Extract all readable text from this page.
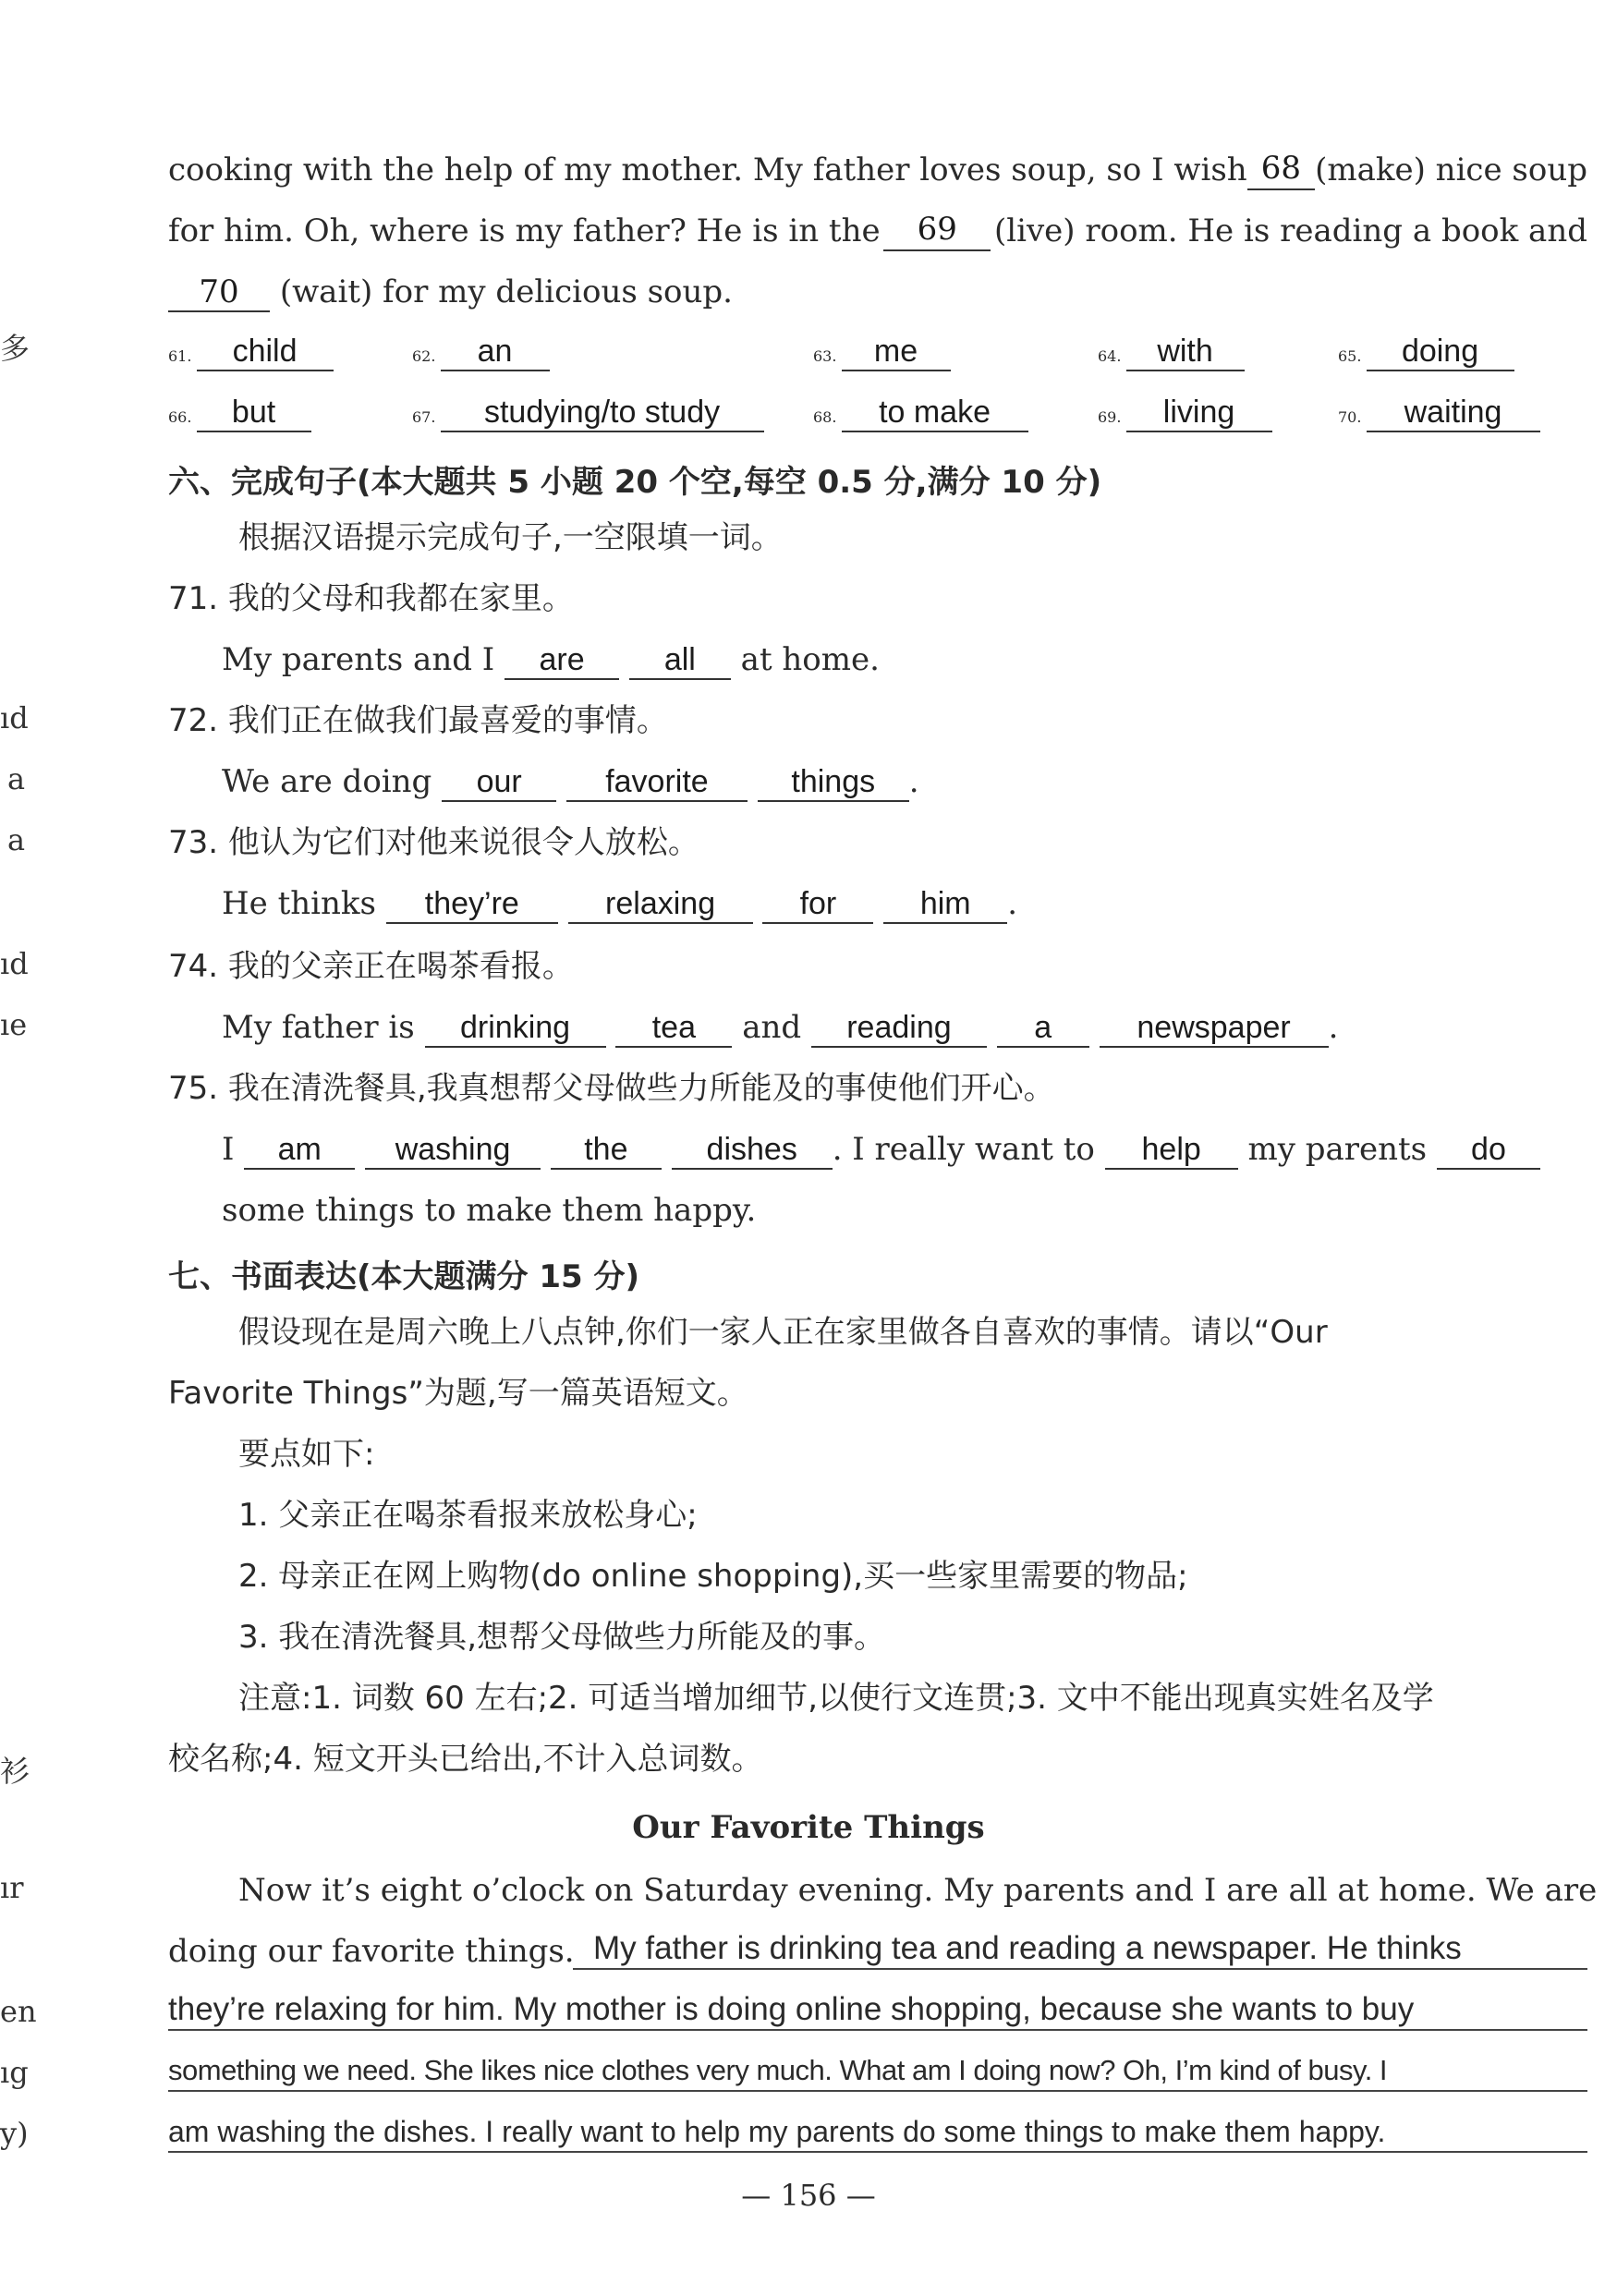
多
ıd
a
a
ıd
ıe
衫
ır
en
ıg
y)
cooking with the help of my mother. My father loves soup, so I wish 68 (make) nice soup
for him. Oh, where is my father? He is in the	69	(live) room. He is reading a book and
70 (wait) for my delicious soup.
61. child	62. an	63. me	64. with	65. doing
66. but	67. studying/to study	68. to make	69. living	70. waiting
六、完成句子(本大题共 5 小题 20 个空,每空 0.5 分,满分 10 分)
根据汉语提示完成句子,一空限填一词。
71. 我的父母和我都在家里。
My parents and I are	all at home.
72. 我们正在做我们最喜爱的事情。
We are doing our	favorite	things .
73. 他认为它们对他来说很令人放松。
He thinks they’re	relaxing	for	him .
74. 我的父亲正在喝茶看报。
My father is drinking	tea and reading	a	newspaper .
75. 我在清洗餐具,我真想帮父母做些力所能及的事使他们开心。
I am washing the	dishes . I really want to help my parents do
some things to make them happy.
七、书面表达(本大题满分 15 分)
假设现在是周六晚上八点钟,你们一家人正在家里做各自喜欢的事情。请以“Our
Favorite Things”为题,写一篇英语短文。
要点如下:
1. 父亲正在喝茶看报来放松身心;
2. 母亲正在网上购物(do online shopping),买一些家里需要的物品;
3. 我在清洗餐具,想帮父母做些力所能及的事。
注意:1. 词数 60 左右;2. 可适当增加细节,以使行文连贯;3. 文中不能出现真实姓名及学
校名称;4. 短文开头已给出,不计入总词数。
Our Favorite Things
Now it’s eight o’clock on Saturday evening. My parents and I are all at home. We are
doing our favorite things. My father is drinking tea and reading a newspaper. He thinks
they’re relaxing for him. My mother is doing online shopping, because she wants to buy
something we need. She likes nice clothes very much. What am I doing now? Oh, I’m kind of busy. I
am washing the dishes. I really want to help my parents do some things to make them happy.
— 156 —
